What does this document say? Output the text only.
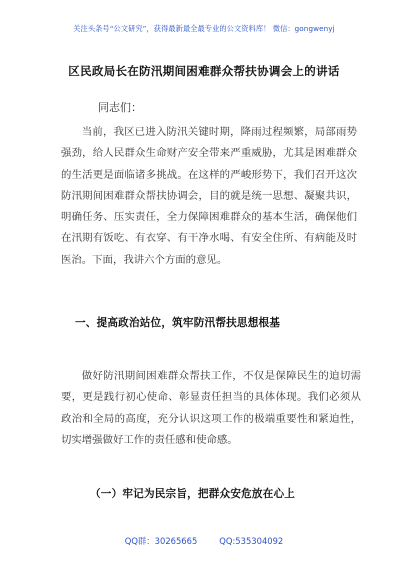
关注头条号“公文研究”，获得最新最全最专业的公文资料库！ 微信：gongwenyj
区民政局长在防汛期间困难群众帮扶协调会上的讲话
同志们：

当前，我区已进入防汛关键时期，降雨过程频繁，局部雨势强劲，给人民群众生命财产安全带来严重威胁，尤其是困难群众的生活更是面临诸多挑战。在这样的严峻形势下，我们召开这次防汛期间困难群众帮扶协调会，目的就是统一思想、凝聚共识，明确任务、压实责任，全力保障困难群众的基本生活，确保他们在汛期有饭吃、有衣穿、有干净水喝、有安全住所、有病能及时医治。下面，我讲六个方面的意见。

一、提高政治站位，筑牢防汛帮扶思想根基

做好防汛期间困难群众帮扶工作，不仅是保障民生的迫切需要，更是践行初心使命、彰显责任担当的具体体现。我们必须从政治和全局的高度，充分认识这项工作的极端重要性和紧迫性，切实增强做好工作的责任感和使命感。

（一）牢记为民宗旨，把群众安危放在心上
QQ群：30265665	QQ:535304092
